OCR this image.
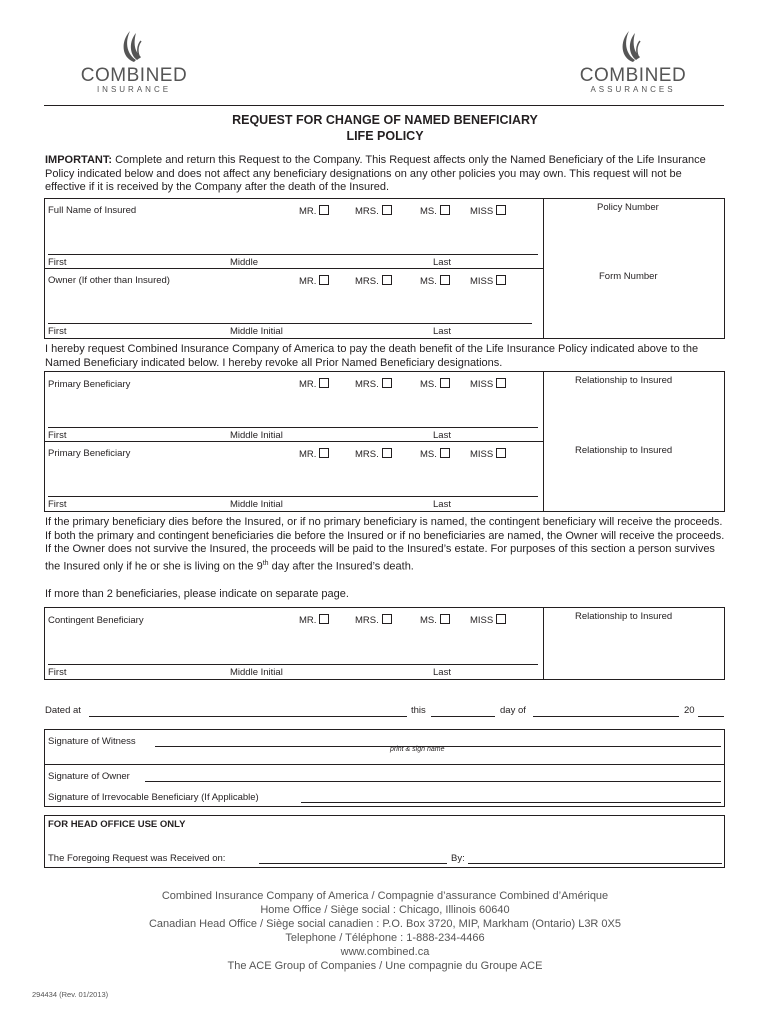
COMBINED
INSURANCE
COMBINED
ASSURANCES
REQUEST FOR CHANGE OF NAMED BENEFICIARY
LIFE POLICY
IMPORTANT: Complete and return this Request to the Company. This Request affects only the Named Beneficiary of the Life Insurance Policy indicated below and does not affect any beneficiary designations on any other policies you may own. This request will not be effective if it is received by the Company after the death of the Insured.
Full Name of Insured	MR.	MRS.	MS.	MISS	Policy Number
First	Middle	Last
Owner (If other than Insured)	MR.	MRS.	MS.	MISS	Form Number
First	Middle Initial	Last
I hereby request Combined Insurance Company of America to pay the death benefit of the Life Insurance Policy indicated above to the Named Beneficiary indicated below. I hereby revoke all Prior Named Beneficiary designations.
Primary Beneficiary	MR.	MRS.	MS.	MISS	Relationship to Insured
First	Middle Initial	Last
Primary Beneficiary	MR.	MRS.	MS.	MISS	Relationship to Insured
First	Middle Initial	Last
If the primary beneficiary dies before the Insured, or if no primary beneficiary is named, the contingent beneficiary will receive the proceeds. If both the primary and contingent beneficiaries die before the Insured or if no beneficiaries are named, the Owner will receive the proceeds. If the Owner does not survive the Insured, the proceeds will be paid to the Insured’s estate. For purposes of this section a person survives the Insured only if he or she is living on the 9th day after the Insured’s death.
If more than 2 beneficiaries, please indicate on separate page.
Contingent Beneficiary	MR.	MRS.	MS.	MISS	Relationship to Insured
First	Middle Initial	Last
Dated at	this	day of	20
Signature of Witness
print & sign name
Signature of Owner
Signature of Irrevocable Beneficiary (If Applicable)
FOR HEAD OFFICE USE ONLY
The Foregoing Request was Received on:	By:
Combined Insurance Company of America / Compagnie d’assurance Combined d’Amérique
Home Office / Siège social : Chicago, Illinois 60640
Canadian Head Office / Siège social canadien : P.O. Box 3720, MIP, Markham (Ontario) L3R 0X5
Telephone / Téléphone : 1-888-234-4466
www.combined.ca
The ACE Group of Companies / Une compagnie du Groupe ACE
294434 (Rev. 01/2013)
